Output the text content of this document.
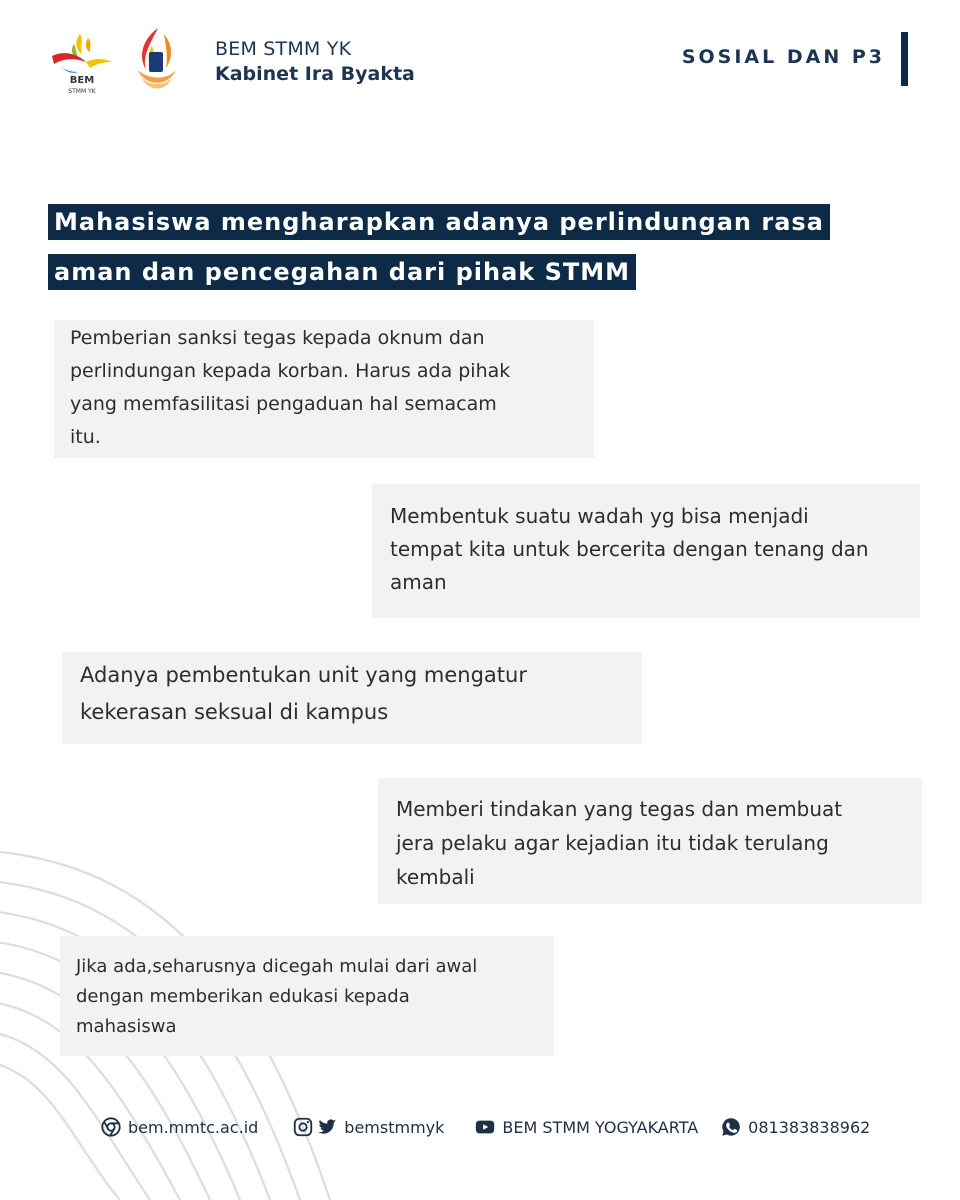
BEM
STMM YK
BEM STMM YK
Kabinet Ira Byakta
SOSIAL DAN P3
Mahasiswa mengharapkan adanya perlindungan rasa
aman dan pencegahan dari pihak STMM

Pemberian sanksi tegas kepada oknum dan
perlindungan kepada korban. Harus ada pihak
yang memfasilitasi pengaduan hal semacam
itu.

Membentuk suatu wadah yg bisa menjadi
tempat kita untuk bercerita dengan tenang dan
aman

Adanya pembentukan unit yang mengatur
kekerasan seksual di kampus

Memberi tindakan yang tegas dan membuat
jera pelaku agar kejadian itu tidak terulang
kembali

Jika ada,seharusnya dicegah mulai dari awal
dengan memberikan edukasi kepada
mahasiswa

bem.mmtc.ac.id	bemstmmyk	BEM STMM YOGYAKARTA	081383838962
